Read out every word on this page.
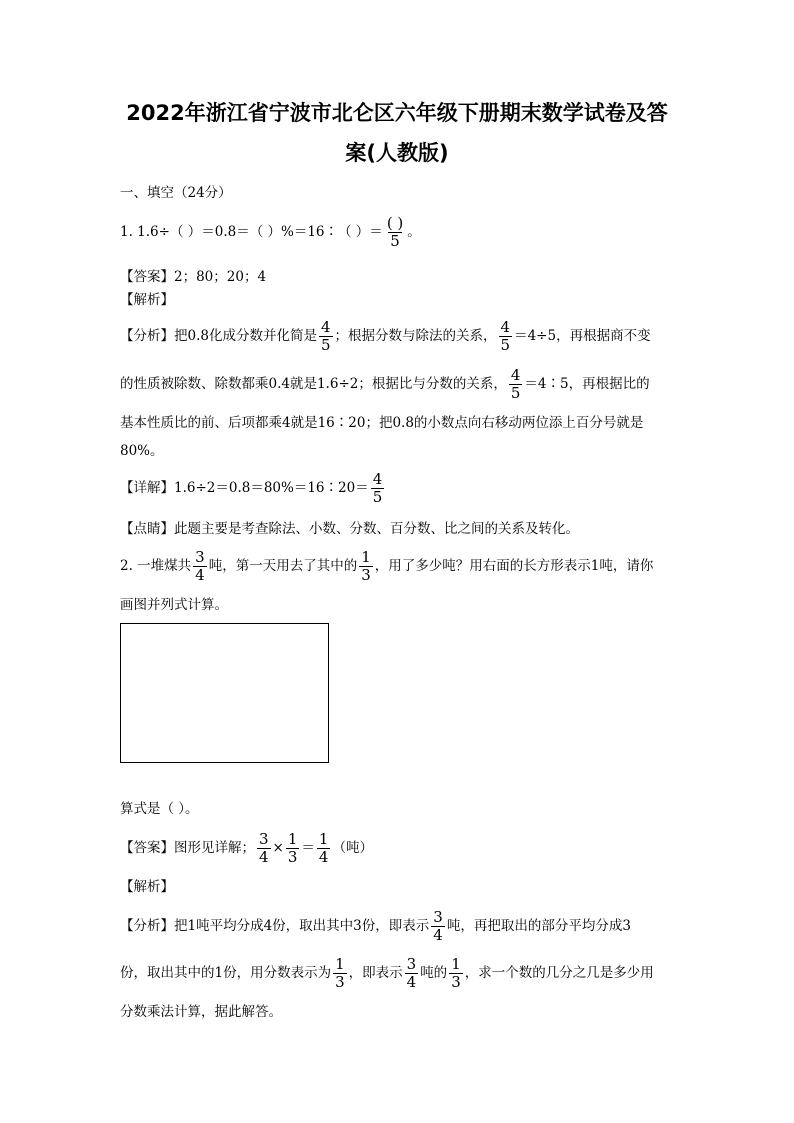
2022年浙江省宁波市北仑区六年级下册期末数学试卷及答
案(人教版)
一、填空（24分）
1. 1.6÷（ ）＝0.8＝（ ）%＝16∶（ ）＝ $\frac{( )}{5}$ 。
【答案】2；80；20；4
【解析】
【分析】把0.8化成分数并化简是 $\frac{4}{5}$ ；根据分数与除法的关系， $\frac{4}{5} =4\div 5$，再根据商不变
的性质被除数、除数都乘0.4就是1.6÷2；根据比与分数的关系， $\frac{4}{5}$ ＝4∶5，再根据比的
基本性质比的前、后项都乘4就是16∶20；把0.8的小数点向右移动两位添上百分号就是
80%。
【详解】1.6÷2＝0.8＝80%＝16∶20＝ $\frac{4}{5}$
【点睛】此题主要是考查除法、小数、分数、百分数、比之间的关系及转化。
2. 一堆煤共 $\frac{3}{4}$ 吨，第一天用去了其中的 $\frac{1}{3}$ ，用了多少吨？用右面的长方形表示1吨，请你
画图并列式计算。
算式是（ ）。
【答案】图形见详解； $\frac{3}{4} \times \frac{1}{3} = \frac{1}{4}$ （吨）
【解析】
【分析】把1吨平均分成4份，取出其中3份，即表示 $\frac{3}{4}$ 吨，再把取出的部分平均分成3
份，取出其中的1份，用分数表示为 $\frac{1}{3}$ ，即表示 $\frac{3}{4}$ 吨的 $\frac{1}{3}$ ，求一个数的几分之几是多少用
分数乘法计算，据此解答。
